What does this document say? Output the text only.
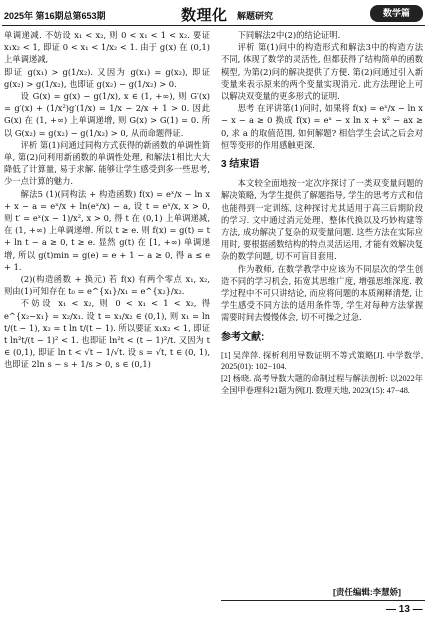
2025年 第16期总第653期	数理化 解题研究	数学篇

单调递减. 不妨设 x₁ < x₂, 则 0 < x₁ < 1 < x₂. 要证 x₁x₂ < 1, 即证 0 < x₁ < 1/x₂ < 1. 由于 g(x) 在 (0,1) 上单调递减,

即证 g(x₁) > g(1/x₂). 又因为 g(x₁) = g(x₂), 即证 g(x₂) > g(1/x₂), 也即证 g(x₂) − g(1/x₂) > 0.

设 G(x) = g(x) − g(1/x), x ∈ (1, +∞), 则 G′(x) = g′(x) + (1/x²)g′(1/x) = 1/x − 2/x + 1 > 0. 因此 G(x) 在 (1, +∞) 上单调递增, 则 G(x) > G(1) = 0. 所以 G(x₂) = g(x₂) − g(1/x₂) > 0, 从而命题得证.

评析 第(1)问通过同构方式获得的新函数的单调性简单, 第(2)问利用新函数的单调性处理, 和解法1相比大大降低了计算量, 易于求解. 能够让学生感受到多一些思考, 少一点计算的魅力.

解法5 (1)(同构法 + 构造函数) f(x) = eˣ/x − ln x + x − a = eˣ/x + ln(eˣ/x) − a, 设 t = eˣ/x, x > 0, 则 t′ = eˣ(x − 1)/x², x > 0, 得 t 在 (0,1) 上单调递减, 在 (1, +∞) 上单调递增. 所以 t ≥ e. 则 f(x) = g(t) = t + ln t − a ≥ 0, t ≥ e. 显然 g(t) 在 [1, +∞) 单调递增, 所以 g(t)min = g(e) = e + 1 − a ≥ 0, 得 a ≤ e + 1.

(2)(构造函数 + 换元) 若 f(x) 有两个零点 x₁, x₂, 则由(1)可知存在 t₀ = e^{x₁}/x₁ = e^{x₂}/x₂.

不妨设 x₁ < x₂, 则 0 < x₁ < 1 < x₂, 得 e^{x₂−x₁} = x₂/x₁. 设 t = x₁/x₂ ∈ (0,1), 则 x₁ = ln t/(t − 1), x₂ = t ln t/(t − 1). 所以要证 x₁x₂ < 1, 即证 t ln²t/(t − 1)² < 1. 也即证 ln²t < (t − 1)²/t. 又因为 t ∈ (0,1), 即证 ln t < √t − 1/√t. 设 s = √t, t ∈ (0, 1), 也即证 2ln s − s + 1/s > 0, s ∈ (0,1)

下同解法2中(2)的结论证明.

评析 第(1)问中的构造形式和解法3中的构造方法不同, 体现了数学的灵活性, 但都获得了结构简单的函数模型, 为第(2)问的解决提供了方便. 第(2)问通过引入新变量来表示原来的两个变量实现消元. 此方法理论上可以解决双变量的更多形式的证明.

思考 在评讲第(1)问时, 如果将 f(x) = eˣ/x − ln x − x − a ≥ 0 换成 f(x) = eˣ − x ln x + x² − ax ≥ 0, 求 a 的取值范围, 如何解题? 相信学生会试之后会对恒等变形的作用感触更深.

3 结束语

本文较全面地按一定次序探讨了一类双变量问题的解决策略, 为学生提供了解题指导, 学生的思考方式和信也能得到一定训练, 这种探讨尤其适用于高三后期阶段的学习. 文中通过消元处理、整体代换以及巧妙构建等方法, 成功解决了复杂的双变量问题. 这些方法在实际应用时, 要根据函数结构的特点灵活运用, 才能有效解决复杂的数学问题, 切不可盲目套用.

作为教师, 在数学教学中应该为不同层次的学生创造不同的学习机会, 拓宽其思维广度, 增强思维深度. 教学过程中不可只讲结论, 而应将问题的本质阐释清楚, 让学生感受不同方法的适用条件等, 学生对每种方法掌握需要时间去慢慢体会, 切不可操之过急.

参考文献:

[1] 吴萍萍. 探析利用导数证明不等式策略[J]. 中学数学, 2025(01): 102−104.

[2] 杨晓. 高考导数大题的命制过程与解法剖析: 以2022年全国甲卷理科21题为例[J]. 数理天地, 2023(15): 47−48.

[责任编辑:李慧娇]
— 13 —
